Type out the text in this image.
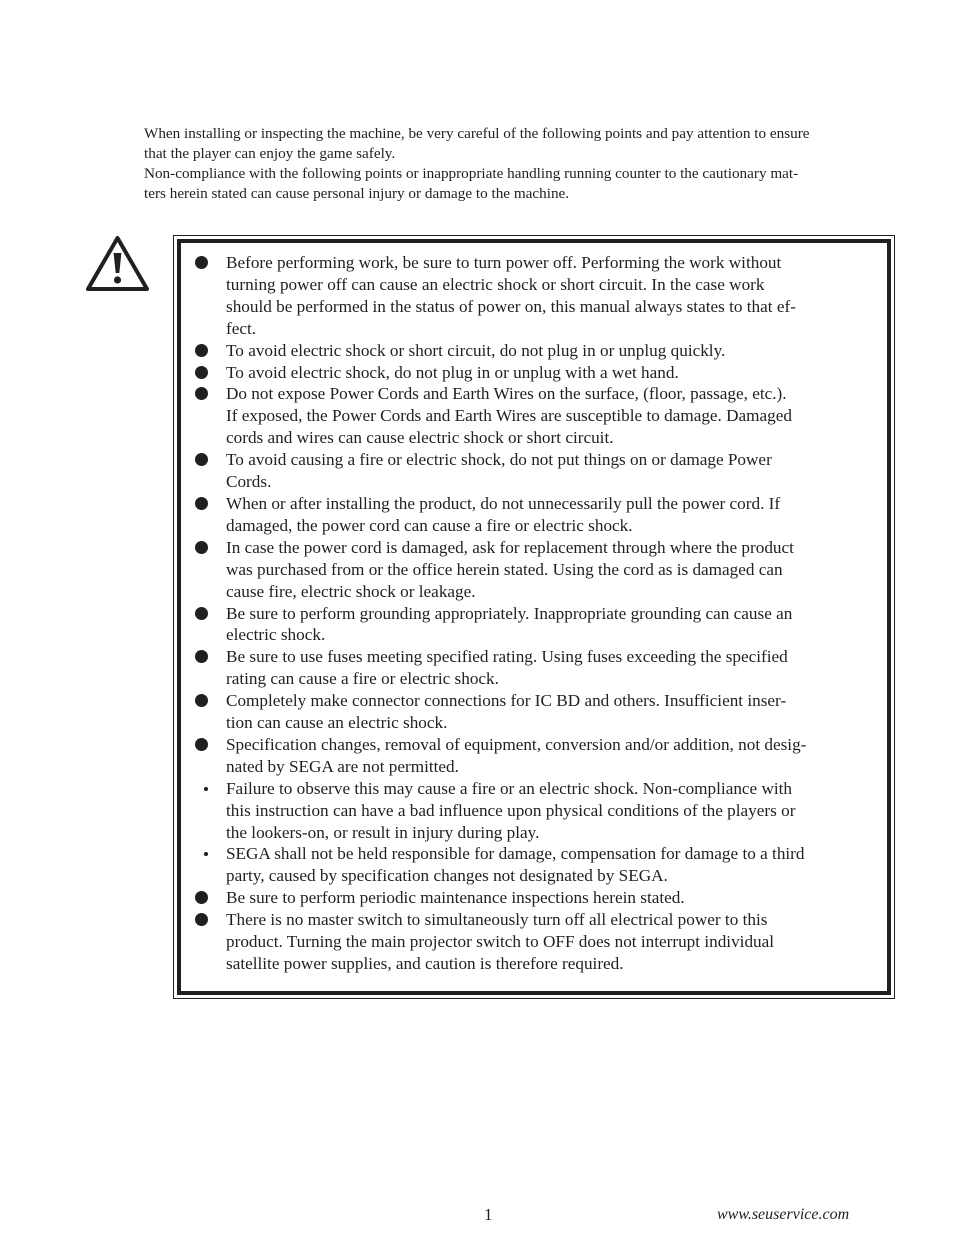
When installing or inspecting the machine, be very careful of the following points and pay attention to ensure

that the player can enjoy the game safely.

Non-compliance with the following points or inappropriate handling running counter to the cautionary mat-

ters herein stated can cause personal injury or damage to the machine.

Before performing work, be sure to turn power off. Performing the work without
turning power off can cause an electric shock or short circuit. In the case work
should be performed in the status of power on, this manual always states to that ef-
fect.
To avoid electric shock or short circuit, do not plug in or unplug quickly.
To avoid electric shock, do not plug in or unplug with a wet hand.
Do not expose Power Cords and Earth Wires on the surface, (floor, passage, etc.).
If exposed, the Power Cords and Earth Wires are susceptible to damage. Damaged
cords and wires can cause electric shock or short circuit.
To avoid causing a fire or electric shock, do not put things on or damage Power
Cords.
When or after installing the product, do not unnecessarily pull the power cord. If
damaged, the power cord can cause a fire or electric shock.
In case the power cord is damaged, ask for replacement through where the product
was purchased from or the office herein stated. Using the cord as is damaged can
cause fire, electric shock or leakage.
Be sure to perform grounding appropriately. Inappropriate grounding can cause an
electric shock.
Be sure to use fuses meeting specified rating. Using fuses exceeding the specified
rating can cause a fire or electric shock.
Completely make connector connections for IC BD and others. Insufficient inser-
tion can cause an electric shock.
Specification changes, removal of equipment, conversion and/or addition, not desig-
nated by SEGA are not permitted.
Failure to observe this may cause a fire or an electric shock. Non-compliance with
this instruction can have a bad influence upon physical conditions of the players or
the lookers-on, or result in injury during play.
SEGA shall not be held responsible for damage, compensation for damage to a third
party, caused by specification changes not designated by SEGA.
Be sure to perform periodic maintenance inspections herein stated.
There is no master switch to simultaneously turn off all electrical power to this
product. Turning the main projector switch to OFF does not interrupt individual
satellite power supplies, and caution is therefore required.
1	www.seuservice.com
